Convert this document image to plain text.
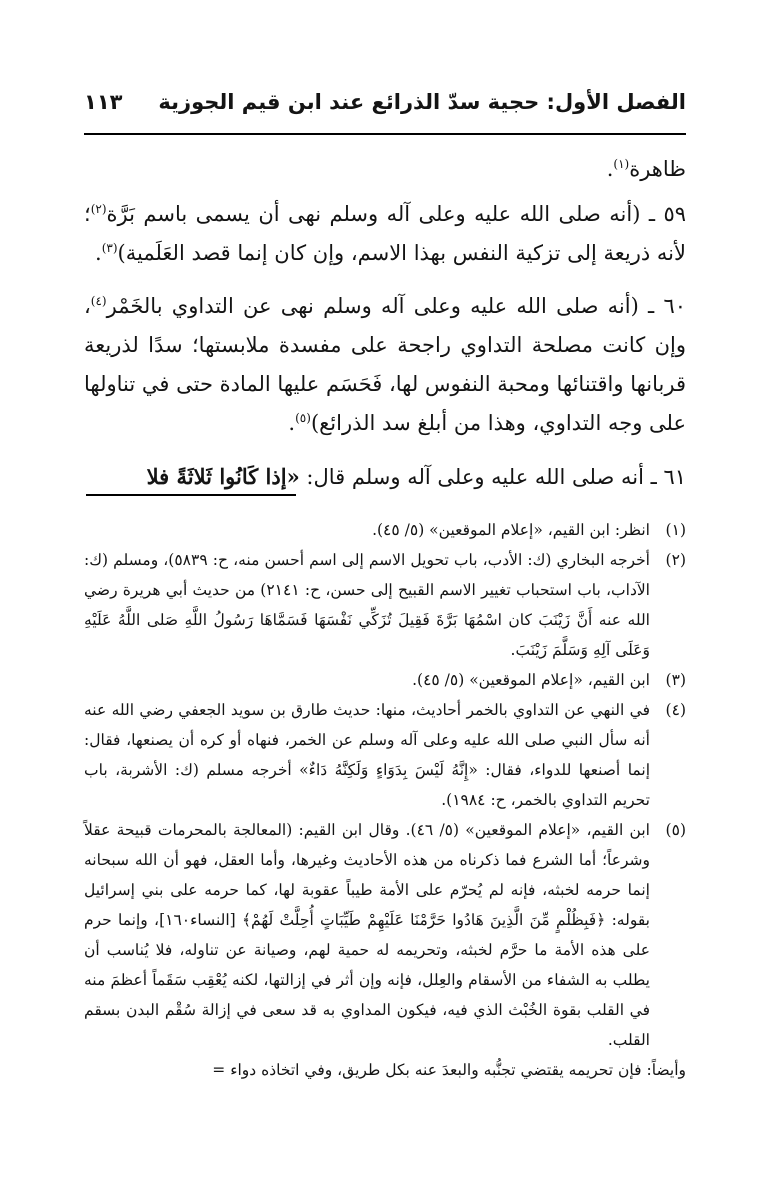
الفصل الأول: حجية سدّ الذرائع عند ابن قيم الجوزية
١١٣

ظاهرة$^{(١)}$.

٥٩ ـ (أنه صلى الله عليه وعلى آله وسلم نهى أن يسمى باسم بَرَّة$^{(٢)}$؛ لأنه ذريعة إلى تزكية النفس بهذا الاسم، وإن كان إنما قصد العَلَمية)$^{(٣)}$.

٦٠ ـ (أنه صلى الله عليه وعلى آله وسلم نهى عن التداوي بالخَمْر$^{(٤)}$، وإن كانت مصلحة التداوي راجحة على مفسدة ملابستها؛ سدًا لذريعة قربانها واقتنائها ومحبة النفوس لها، فَحَسَم عليها المادة حتى في تناولها على وجه التداوي، وهذا من أبلغ سد الذرائع)$^{(٥)}$.

٦١ ـ أنه صلى الله عليه وعلى آله وسلم قال: «إذا كَانُوا ثَلاثَةً فلا

(١)
انظر: ابن القيم، «إعلام الموقعين» (٥/ ٤٥).
(٢)
أخرجه البخاري (ك: الأدب، باب تحويل الاسم إلى اسم أحسن منه، ح: ٥٨٣٩)، ومسلم (ك: الآداب، باب استحباب تغيير الاسم القبيح إلى حسن، ح: ٢١٤١) من حديث أبي هريرة رضي الله عنه أَنَّ زَيْنَبَ كان اسْمُهَا بَرَّةَ فَقِيلَ تُزَكِّي نَفْسَهَا فَسَمَّاهَا رَسُولُ اللَّهِ صَلى اللَّهُ عَلَيْهِ وَعَلَى آلِهِ وَسَلَّمَ زَيْنَبَ.
(٣)
ابن القيم، «إعلام الموقعين» (٥/ ٤٥).
(٤)
في النهي عن التداوي بالخمر أحاديث، منها: حديث طارق بن سويد الجعفي رضي الله عنه أنه سأل النبي صلى الله عليه وعلى آله وسلم عن الخمر، فنهاه أو كره أن يصنعها، فقال: إنما أصنعها للدواء، فقال: «إِنَّهُ لَيْسَ بِدَوَاءٍ وَلَكِنَّهُ دَاءٌ» أخرجه مسلم (ك: الأشربة، باب تحريم التداوي بالخمر، ح: ١٩٨٤).
(٥)
ابن القيم، «إعلام الموقعين» (٥/ ٤٦). وقال ابن القيم: (المعالجة بالمحرمات قبيحة عقلاً وشرعاً؛ أما الشرع فما ذكرناه من هذه الأحاديث وغيرها، وأما العقل، فهو أن الله سبحانه إنما حرمه لخبثه، فإنه لم يُحرّم على الأمة طيباً عقوبة لها، كما حرمه على بني إسرائيل بقوله: ﴿فَبِظُلْمٍ مِّنَ الَّذِينَ هَادُوا حَرَّمْنَا عَلَيْهِمْ طَيِّبَاتٍ أُحِلَّتْ لَهُمْ﴾ [النساء١٦٠]، وإنما حرم على هذه الأمة ما حرَّم لخبثه، وتحريمه له حمية لهم، وصيانة عن تناوله، فلا يُناسب أن يطلب به الشفاء من الأسقام والعِلل، فإنه وإن أثر في إزالتها، لكنه يُعْقِب سَقَماً أعظمَ منه في القلب بقوة الخُبْث الذي فيه، فيكون المداوي به قد سعى في إزالة سُقْم البدن بسقم القلب.

وأيضاً: فإن تحريمه يقتضي تجنُّبه والبعدَ عنه بكل طريق، وفي اتخاذه دواء =
